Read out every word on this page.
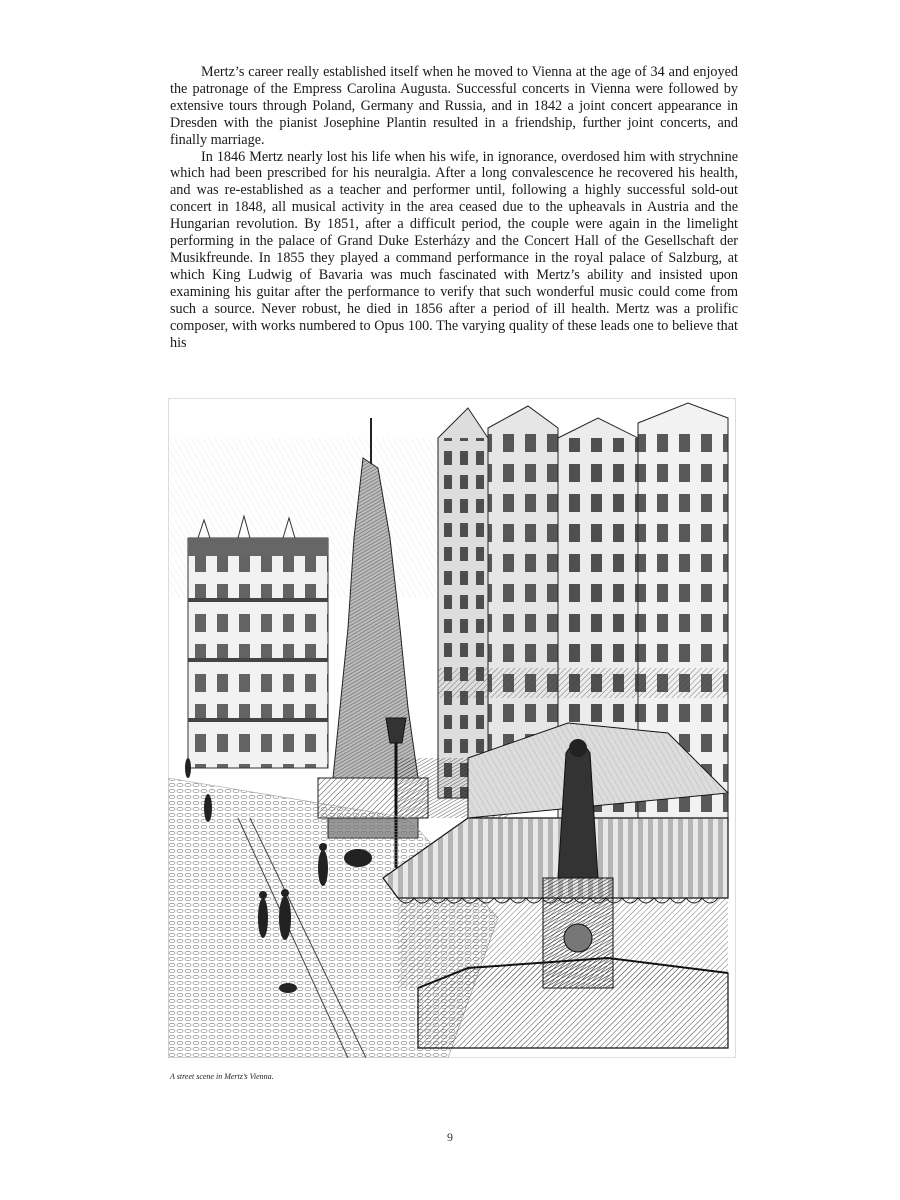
Mertz’s career really established itself when he moved to Vienna at the age of 34 and enjoyed the patronage of the Empress Carolina Augusta. Successful concerts in Vienna were followed by extensive tours through Poland, Germany and Russia, and in 1842 a joint concert appearance in Dresden with the pianist Josephine Plantin resulted in a friendship, further joint concerts, and finally marriage.

In 1846 Mertz nearly lost his life when his wife, in ignorance, overdosed him with strychnine which had been prescribed for his neuralgia. After a long convalescence he recovered his health, and was re-established as a teacher and performer until, following a highly successful sold-out concert in 1848, all musical activity in the area ceased due to the upheavals in Austria and the Hungarian revolution. By 1851, after a difficult period, the couple were again in the limelight performing in the palace of Grand Duke Esterházy and the Concert Hall of the Gesellschaft der Musikfreunde. In 1855 they played a command performance in the royal palace of Salzburg, at which King Ludwig of Bavaria was much fascinated with Mertz’s ability and insisted upon examining his guitar after the performance to verify that such wonderful music could come from such a source. Never robust, he died in 1856 after a period of ill health. Mertz was a prolific composer, with works numbered to Opus 100. The varying quality of these leads one to believe that his

A street scene in Mertz’s Vienna.
9
